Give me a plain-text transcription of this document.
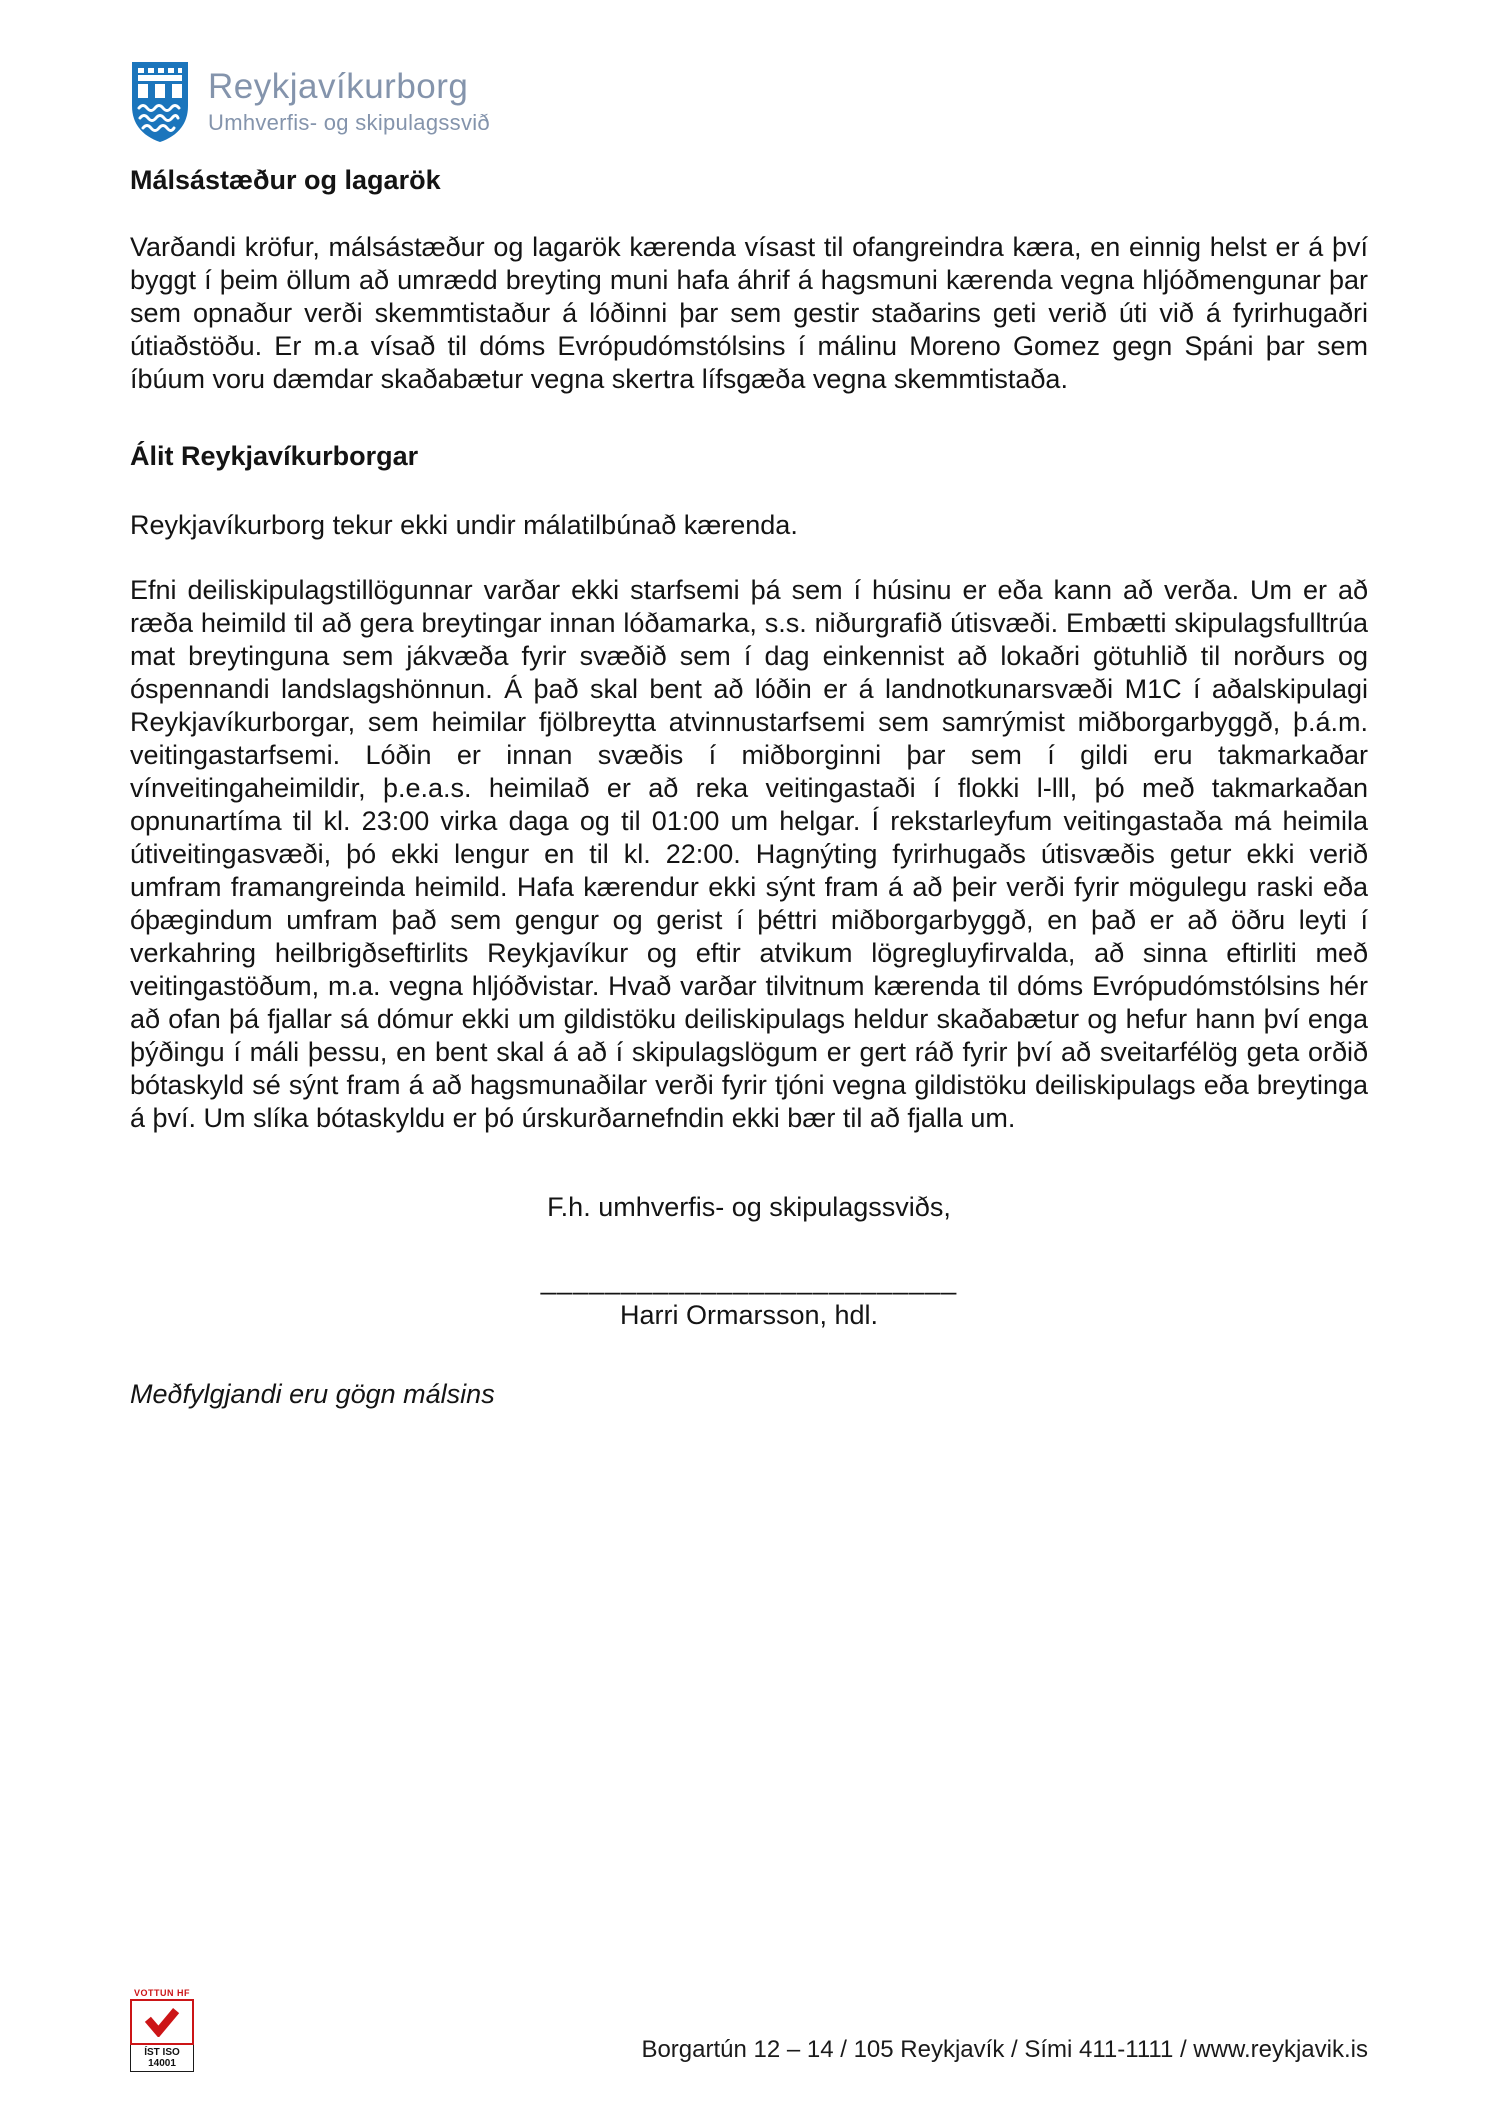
Reykjavíkurborg
Umhverfis- og skipulagssvið
Málsástæður og lagarök

Varðandi kröfur, málsástæður og lagarök kærenda vísast til ofangreindra kæra, en einnig helst er á því byggt í þeim öllum að umrædd breyting muni hafa áhrif á hagsmuni kærenda vegna hljóðmengunar þar sem opnaður verði skemmtistaður á lóðinni þar sem gestir staðarins geti verið úti við á fyrirhugaðri útiaðstöðu. Er m.a vísað til dóms Evrópudómstólsins í málinu Moreno Gomez gegn Spáni þar sem íbúum voru dæmdar skaðabætur vegna skertra lífsgæða vegna skemmtistaða.

Álit Reykjavíkurborgar

Reykjavíkurborg tekur ekki undir málatilbúnað kærenda.

Efni deiliskipulagstillögunnar varðar ekki starfsemi þá sem í húsinu er eða kann að verða. Um er að ræða heimild til að gera breytingar innan lóðamarka, s.s. niðurgrafið útisvæði. Embætti skipulagsfulltrúa mat breytinguna sem jákvæða fyrir svæðið sem í dag einkennist að lokaðri götuhlið til norðurs og óspennandi landslagshönnun. Á það skal bent að lóðin er á landnotkunarsvæði M1C í aðalskipulagi Reykjavíkurborgar, sem heimilar fjölbreytta atvinnustarfsemi sem samrýmist miðborgarbyggð, þ.á.m. veitingastarfsemi. Lóðin er innan svæðis í miðborginni þar sem í gildi eru takmarkaðar vínveitingaheimildir, þ.e.a.s. heimilað er að reka veitingastaði í flokki l-lll, þó með takmarkaðan opnunartíma til kl. 23:00 virka daga og til 01:00 um helgar. Í rekstarleyfum veitingastaða má heimila útiveitingasvæði, þó ekki lengur en til kl. 22:00. Hagnýting fyrirhugaðs útisvæðis getur ekki verið umfram framangreinda heimild. Hafa kærendur ekki sýnt fram á að þeir verði fyrir mögulegu raski eða óþægindum umfram það sem gengur og gerist í þéttri miðborgarbyggð, en það er að öðru leyti í verkahring heilbrigðseftirlits Reykjavíkur og eftir atvikum lögregluyfirvalda, að sinna eftirliti með veitingastöðum, m.a. vegna hljóðvistar. Hvað varðar tilvitnum kærenda til dóms Evrópudómstólsins hér að ofan þá fjallar sá dómur ekki um gildistöku deiliskipulags heldur skaðabætur og hefur hann því enga þýðingu í máli þessu, en bent skal á að í skipulagslögum er gert ráð fyrir því að sveitarfélög geta orðið bótaskyld sé sýnt fram á að hagsmunaðilar verði fyrir tjóni vegna gildistöku deiliskipulags eða breytinga á því. Um slíka bótaskyldu er þó úrskurðarnefndin ekki bær til að fjalla um.

F.h. umhverfis- og skipulagssviðs,

__________________________

Harri Ormarsson, hdl.

Meðfylgjandi eru gögn málsins

VOTTUN HF
ÍST ISO 14001
Borgartún 12 – 14 / 105 Reykjavík / Sími 411-1111 / www.reykjavik.is
